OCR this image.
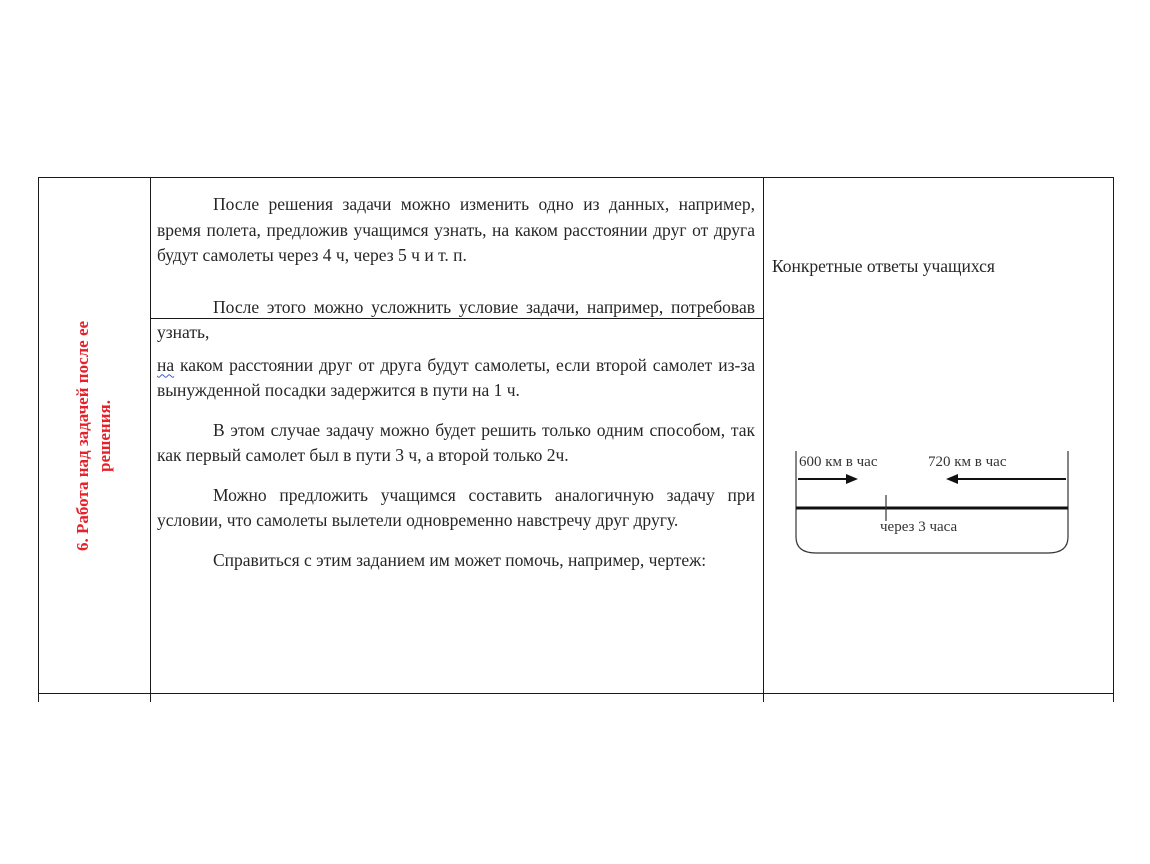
6. Работа над задачей после ее решения.

После решения задачи можно изменить одно из данных, например, время полета, предложив учащимся узнать, на каком расстоянии друг от друга будут самолеты через 4 ч, через 5 ч и т. п.

После этого можно усложнить условие задачи, например, потребовав узнать,

на каком расстоянии друг от друга будут самолеты, если второй самолет из-за вынужденной посадки задержится в пути на 1 ч.

В этом случае задачу можно будет решить только одним способом, так как первый самолет был в пути 3 ч, а второй только 2ч.

Можно предложить учащимся составить аналогичную задачу при условии, что самолеты вылетели одновременно навстречу друг другу.

Справиться с этим заданием им может помочь, например, чертеж:

Конкретные ответы учащихся
600 км в час	720 км в час
через 3 часа
